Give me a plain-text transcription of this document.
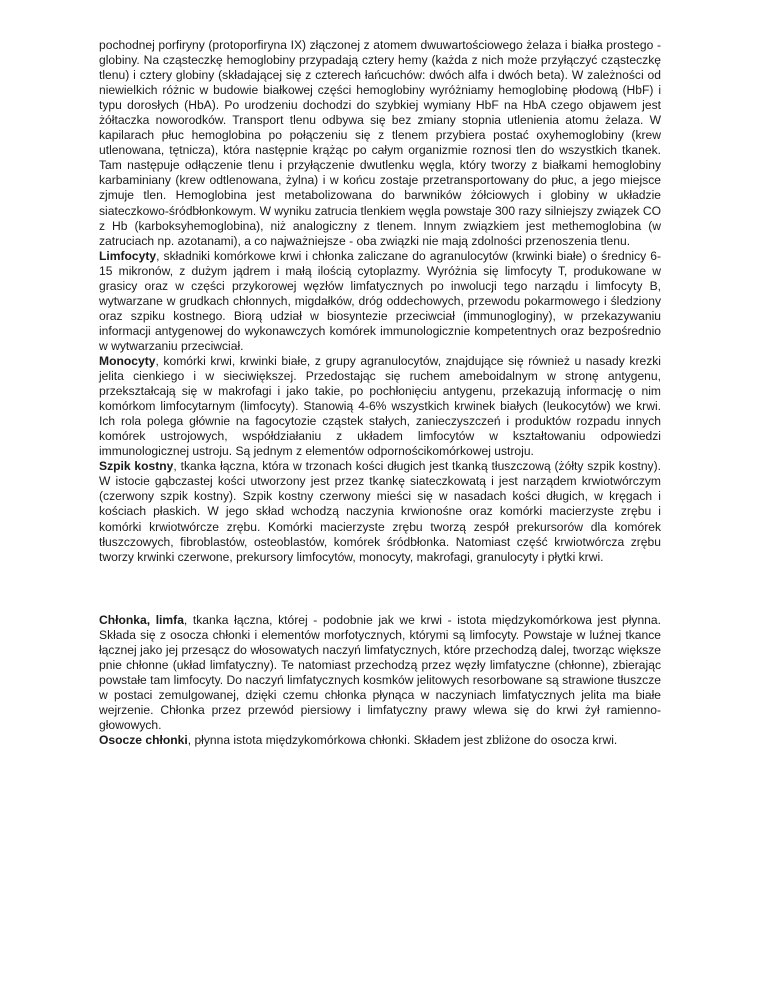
pochodnej porfiryny (protoporfiryna IX) złączonej z atomem dwuwartościowego żelaza i białka prostego - globiny. Na cząsteczkę hemoglobiny przypadają cztery hemy (każda z nich może przyłączyć cząsteczkę tlenu) i cztery globiny (składającej się z czterech łańcuchów: dwóch alfa i dwóch beta). W zależności od niewielkich różnic w budowie białkowej części hemoglobiny wyróżniamy hemoglobinę płodową (HbF) i typu dorosłych (HbA). Po urodzeniu dochodzi do szybkiej wymiany HbF na HbA czego objawem jest żółtaczka noworodków. Transport tlenu odbywa się bez zmiany stopnia utlenienia atomu żelaza. W kapilarach płuc hemoglobina po połączeniu się z tlenem przybiera postać oxyhemoglobiny (krew utlenowana, tętnicza), która następnie krążąc po całym organizmie roznosi tlen do wszystkich tkanek. Tam następuje odłączenie tlenu i przyłączenie dwutlenku węgla, który tworzy z białkami hemoglobiny karbaminiany (krew odtlenowana, żylna) i w końcu zostaje przetransportowany do płuc, a jego miejsce zjmuje tlen. Hemoglobina jest metabolizowana do barwników żółciowych i globiny w układzie siateczkowo-śródbłonkowym. W wyniku zatrucia tlenkiem węgla powstaje 300 razy silniejszy związek CO z Hb (karboksyhemoglobina), niż analogiczny z tlenem. Innym związkiem jest methemoglobina (w zatruciach np. azotanami), a co najważniejsze - oba związki nie mają zdolności przenoszenia tlenu.

Limfocyty, składniki komórkowe krwi i chłonka zaliczane do agranulocytów (krwinki białe) o średnicy 6-15 mikronów, z dużym jądrem i małą ilością cytoplazmy. Wyróżnia się limfocyty T, produkowane w grasicy oraz w części przykorowej węzłów limfatycznych po inwolucji tego narządu i limfocyty B, wytwarzane w grudkach chłonnych, migdałków, dróg oddechowych, przewodu pokarmowego i śledziony oraz szpiku kostnego. Biorą udział w biosyntezie przeciwciał (immunogloginy), w przekazywaniu informacji antygenowej do wykonawczych komórek immunologicznie kompetentnych oraz bezpośrednio w wytwarzaniu przeciwciał.

Monocyty, komórki krwi, krwinki białe, z grupy agranulocytów, znajdujące się również u nasady krezki jelita cienkiego i w sieciwiększej. Przedostając się ruchem ameboidalnym w stronę antygenu, przekształcają się w makrofagi i jako takie, po pochłonięciu antygenu, przekazują informację o nim komórkom limfocytarnym (limfocyty). Stanowią 4-6% wszystkich krwinek białych (leukocytów) we krwi. Ich rola polega głównie na fagocytozie cząstek stałych, zanieczyszczeń i produktów rozpadu innych komórek ustrojowych, współdziałaniu z układem limfocytów w kształtowaniu odpowiedzi immunologicznej ustroju. Są jednym z elementów odpornościkomórkowej ustroju.

Szpik kostny, tkanka łączna, która w trzonach kości długich jest tkanką tłuszczową (żółty szpik kostny). W istocie gąbczastej kości utworzony jest przez tkankę siateczkowatą i jest narządem krwiotwórczym (czerwony szpik kostny). Szpik kostny czerwony mieści się w nasadach kości długich, w kręgach i kościach płaskich. W jego skład wchodzą naczynia krwionośne oraz komórki macierzyste zrębu i komórki krwiotwórcze zrębu. Komórki macierzyste zrębu tworzą zespół prekursorów dla komórek tłuszczowych, fibroblastów, osteoblastów, komórek śródbłonka. Natomiast część krwiotwórcza zrębu tworzy krwinki czerwone, prekursory limfocytów, monocyty, makrofagi, granulocyty i płytki krwi.

Chłonka, limfa, tkanka łączna, której - podobnie jak we krwi - istota międzykomórkowa jest płynna. Składa się z osocza chłonki i elementów morfotycznych, którymi są limfocyty. Powstaje w luźnej tkance łącznej jako jej przesącz do włosowatych naczyń limfatycznych, które przechodzą dalej, tworząc większe pnie chłonne (układ limfatyczny). Te natomiast przechodzą przez węzły limfatyczne (chłonne), zbierając powstałe tam limfocyty. Do naczyń limfatycznych kosmków jelitowych resorbowane są strawione tłuszcze w postaci zemulgowanej, dzięki czemu chłonka płynąca w naczyniach limfatycznych jelita ma białe wejrzenie. Chłonka przez przewód piersiowy i limfatyczny prawy wlewa się do krwi żył ramienno-głowowych.

Osocze chłonki, płynna istota międzykomórkowa chłonki. Składem jest zbliżone do osocza krwi.
